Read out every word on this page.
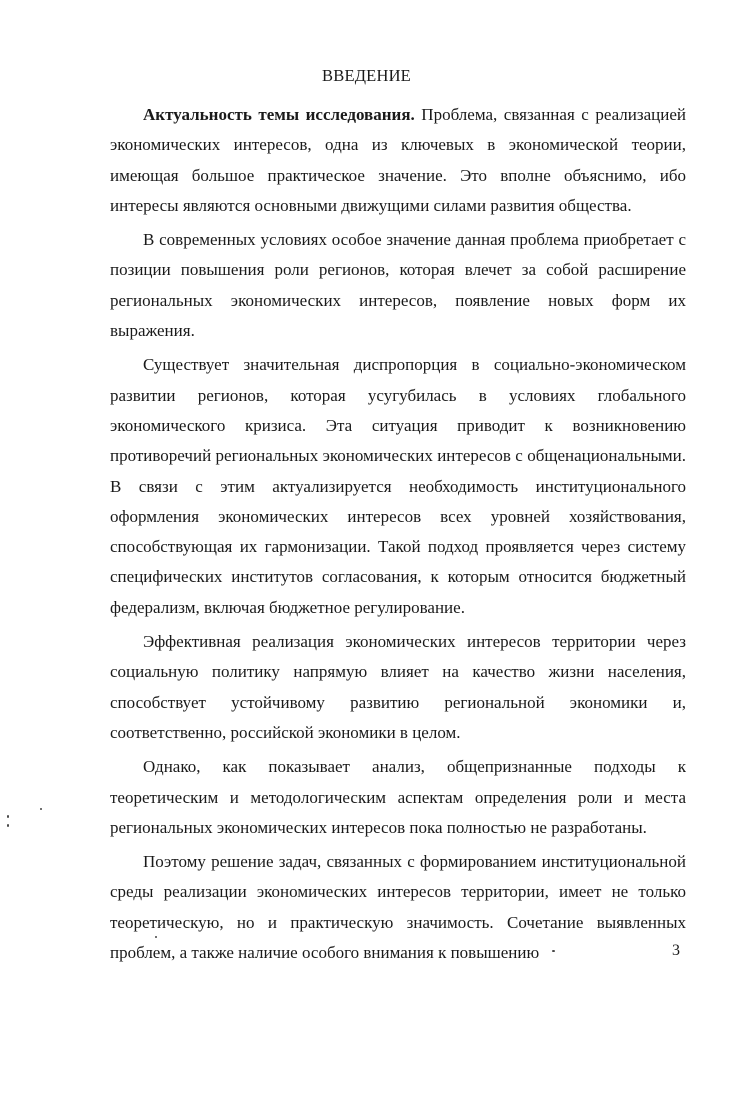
ВВЕДЕНИЕ

Актуальность темы исследования. Проблема, связанная с реализацией экономических интересов, одна из ключевых в экономической теории, имеющая большое практическое значение. Это вполне объяснимо, ибо интересы являются основными движущими силами развития общества.

В современных условиях особое значение данная проблема приобретает с позиции повышения роли регионов, которая влечет за собой расширение региональных экономических интересов, появление новых форм их выражения.

Существует значительная диспропорция в социально-экономическом развитии регионов, которая усугубилась в условиях глобального экономического кризиса. Эта ситуация приводит к возникновению противоречий региональных экономических интересов с общенациональными. В связи с этим актуализируется необходимость институционального оформления экономических интересов всех уровней хозяйствования, способствующая их гармонизации. Такой подход проявляется через систему специфических институтов согласования, к которым относится бюджетный федерализм, включая бюджетное регулирование.

Эффективная реализация экономических интересов территории через социальную политику напрямую влияет на качество жизни населения, способствует устойчивому развитию региональной экономики и, соответственно, российской экономики в целом.

Однако, как показывает анализ, общепризнанные подходы к теоретическим и методологическим аспектам определения роли и места региональных экономических интересов пока полностью не разработаны.

Поэтому решение задач, связанных с формированием институциональной среды реализации экономических интересов территории, имеет не только теоретическую, но и практическую значимость. Сочетание выявленных проблем, а также наличие особого внимания к повышению	3
